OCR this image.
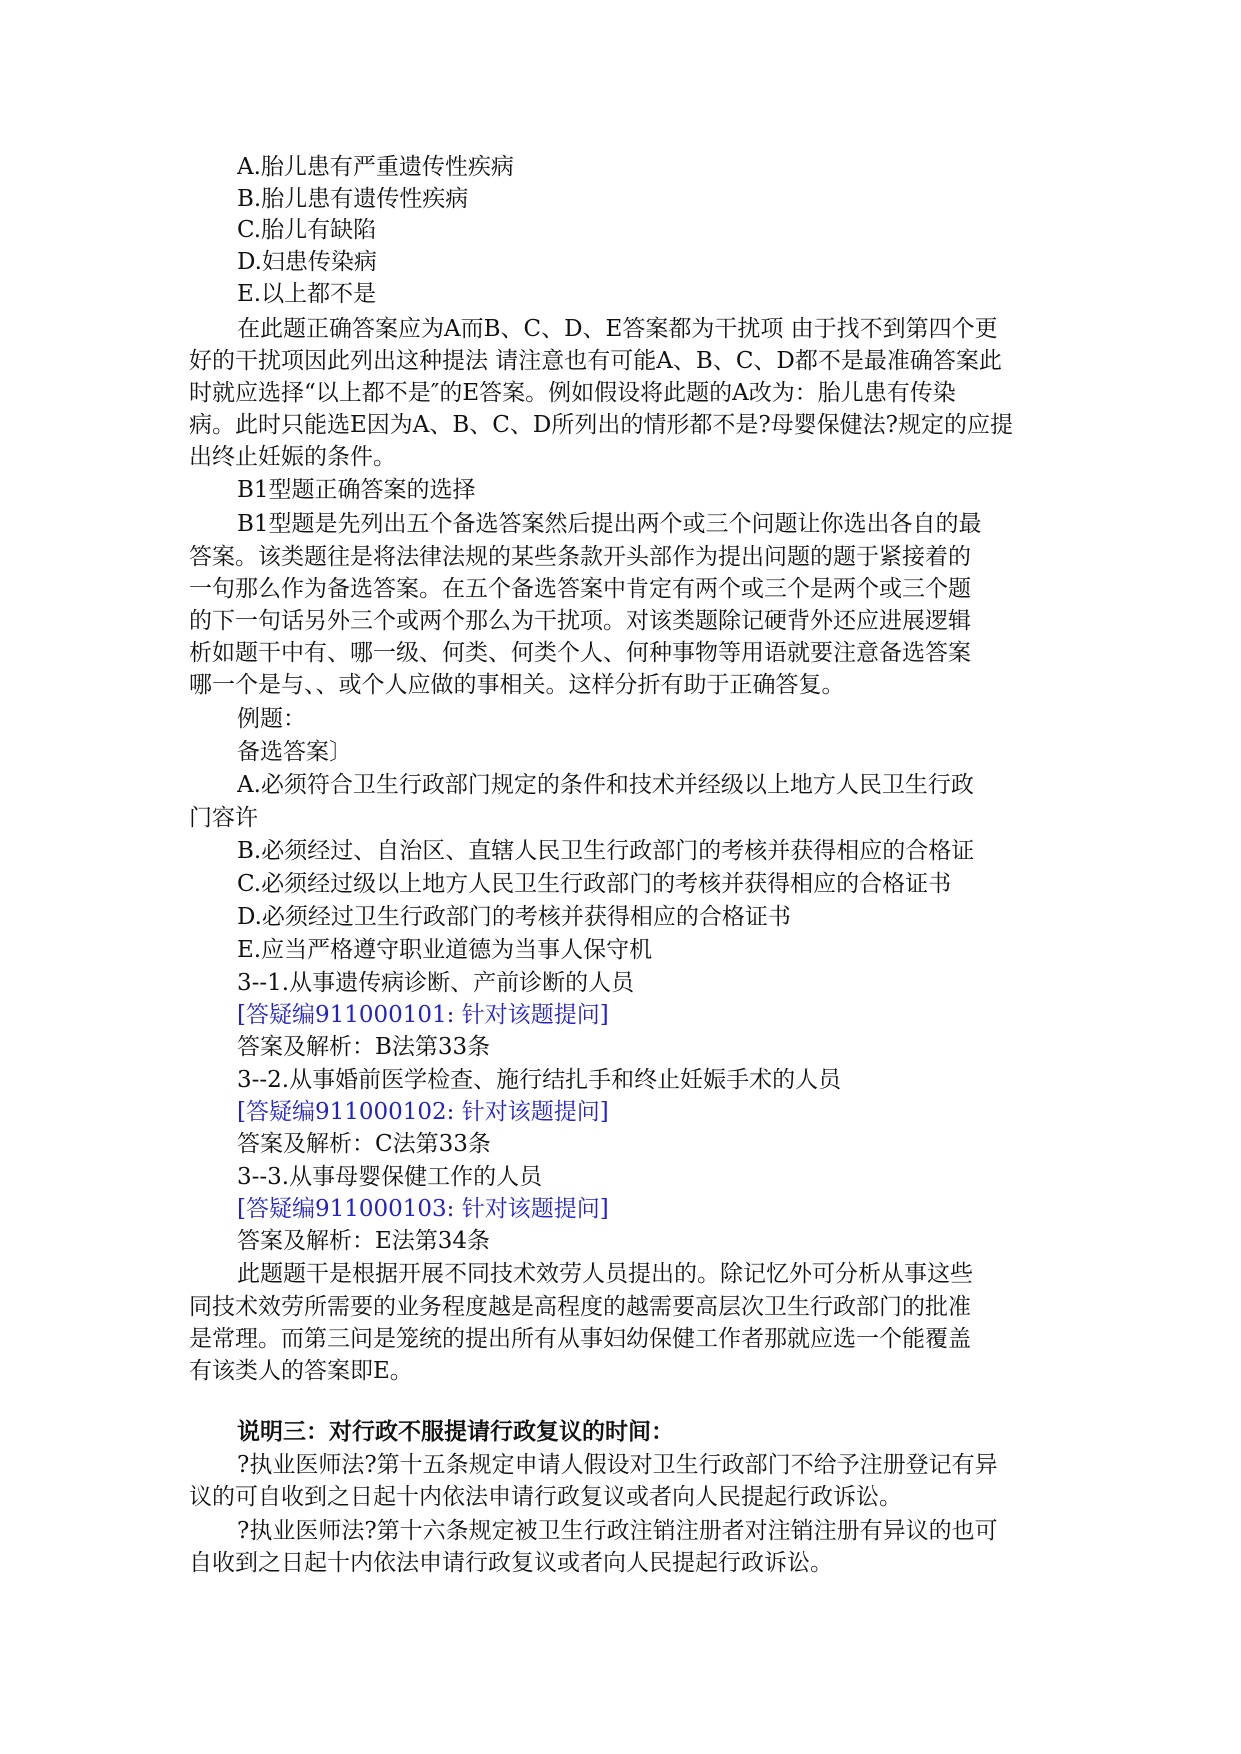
A.胎儿患有严重遗传性疾病
B.胎儿患有遗传性疾病
C.胎儿有缺陷
D.妇患传染病
E.以上都不是
在此题正确答案应为A而B、C、D、E答案都为干扰项 由于找不到第四个更
好的干扰项因此列出这种提法 请注意也有可能A、B、C、D都不是最准确答案此
时就应选择“以上都不是″的E答案。例如假设将此题的A改为：胎儿患有传染
病。此时只能选E因为A、B、C、D所列出的情形都不是?母婴保健法?规定的应提
出终止妊娠的条件。
B1型题正确答案的选择
B1型题是先列出五个备选答案然后提出两个或三个问题让你选出各自的最
答案。该类题往是将法律法规的某些条款开头部作为提出问题的题于紧接着的
一句那么作为备选答案。在五个备选答案中肯定有两个或三个是两个或三个题
的下一句话另外三个或两个那么为干扰项。对该类题除记硬背外还应进展逻辑
析如题干中有、哪一级、何类、何类个人、何种事物等用语就要注意备选答案
哪一个是与、、或个人应做的事相关。这样分折有助于正确答复。
例题：
备选答案〕
A.必须符合卫生行政部门规定的条件和技术并经级以上地方人民卫生行政
门容许
B.必须经过、自治区、直辖人民卫生行政部门的考核并获得相应的合格证
C.必须经过级以上地方人民卫生行政部门的考核并获得相应的合格证书
D.必须经过卫生行政部门的考核并获得相应的合格证书
E.应当严格遵守职业道德为当事人保守机
3--1.从事遗传病诊断、产前诊断的人员
[答疑编911000101: 针对该题提问]
答案及解析：B法第33条
3--2.从事婚前医学检查、施行结扎手和终止妊娠手术的人员
[答疑编911000102: 针对该题提问]
答案及解析：C法第33条
3--3.从事母婴保健工作的人员
[答疑编911000103: 针对该题提问]
答案及解析：E法第34条
此题题干是根据开展不同技术效劳人员提出的。除记忆外可分析从事这些
同技术效劳所需要的业务程度越是高程度的越需要高层次卫生行政部门的批准
是常理。而第三问是笼统的提出所有从事妇幼保健工作者那就应选一个能覆盖
有该类人的答案即E。
说明三：对行政不服提请行政复议的时间：
?执业医师法?第十五条规定申请人假设对卫生行政部门不给予注册登记有异
议的可自收到之日起十内依法申请行政复议或者向人民提起行政诉讼。
?执业医师法?第十六条规定被卫生行政注销注册者对注销注册有异议的也可
自收到之日起十内依法申请行政复议或者向人民提起行政诉讼。
